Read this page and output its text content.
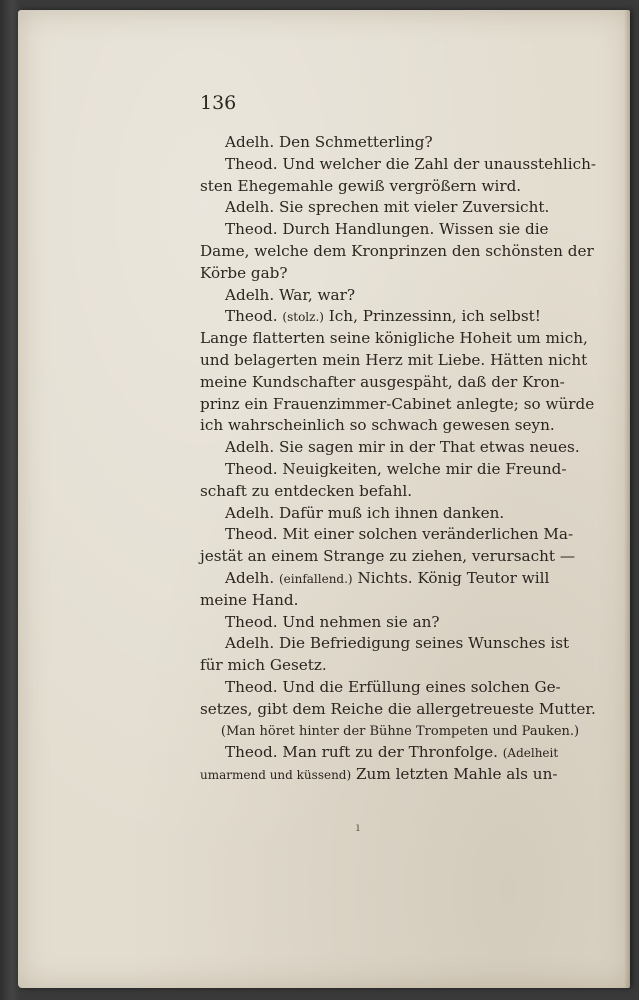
136
Adelh. Den Schmetterling?
Theod. Und welcher die Zahl der unausstehlich-
sten Ehegemahle gewiß vergrößern wird.
Adelh. Sie sprechen mit vieler Zuversicht.
Theod. Durch Handlungen. Wissen sie die
Dame, welche dem Kronprinzen den schönsten der
Körbe gab?
Adelh. War, war?
Theod. (stolz.) Ich, Prinzessinn, ich selbst!
Lange flatterten seine königliche Hoheit um mich,
und belagerten mein Herz mit Liebe. Hätten nicht
meine Kundschafter ausgespäht, daß der Kron-
prinz ein Frauenzimmer-Cabinet anlegte; so würde
ich wahrscheinlich so schwach gewesen seyn.
Adelh. Sie sagen mir in der That etwas neues.
Theod. Neuigkeiten, welche mir die Freund-
schaft zu entdecken befahl.
Adelh. Dafür muß ich ihnen danken.
Theod. Mit einer solchen veränderlichen Ma-
jestät an einem Strange zu ziehen, verursacht —
Adelh. (einfallend.) Nichts. König Teutor will
meine Hand.
Theod. Und nehmen sie an?
Adelh. Die Befriedigung seines Wunsches ist
für mich Gesetz.
Theod. Und die Erfüllung eines solchen Ge-
setzes, gibt dem Reiche die allergetreueste Mutter.
(Man höret hinter der Bühne Trompeten und Pauken.)
Theod. Man ruft zu der Thronfolge. (Adelheit
umarmend und küssend) Zum letzten Mahle als un-
ı
